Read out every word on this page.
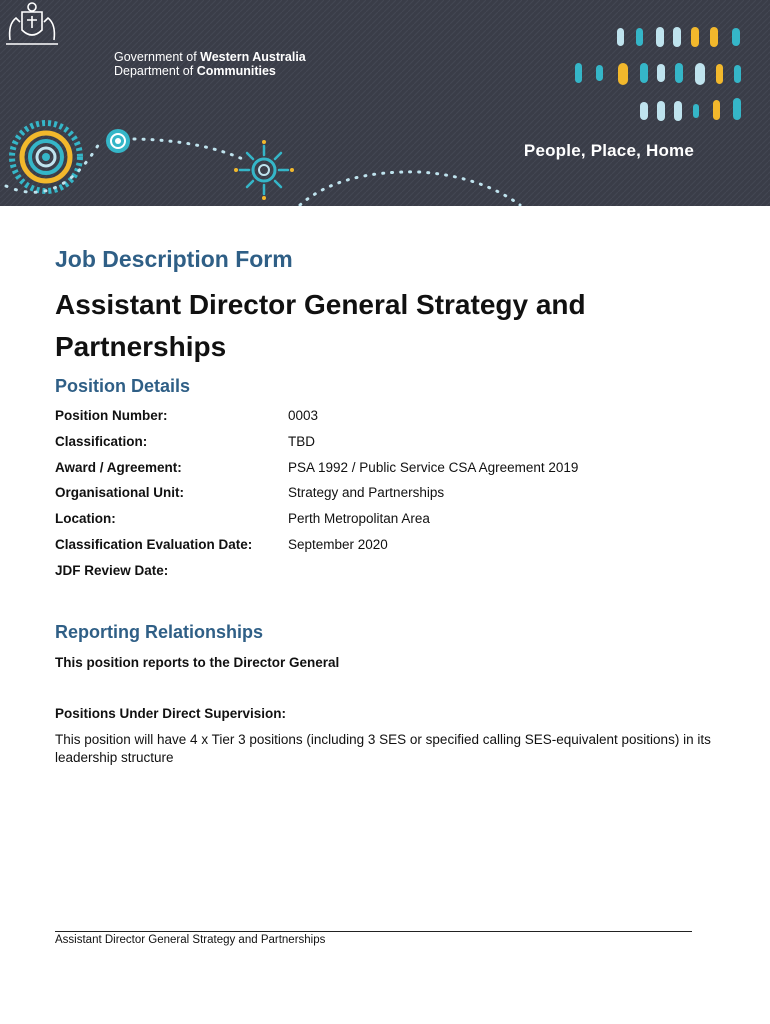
Government of Western Australia
Department of Communities
People, Place, Home
Job Description Form
Assistant Director General Strategy and Partnerships
Position Details
Position Number:	0003
Classification:	TBD
Award / Agreement:	PSA 1992 / Public Service CSA Agreement 2019
Organisational Unit:	Strategy and Partnerships
Location:	Perth Metropolitan Area
Classification Evaluation Date:	September 2020
JDF Review Date:
Reporting Relationships

This position reports to the Director General

Positions Under Direct Supervision:

This position will have 4 x Tier 3 positions (including 3 SES or specified calling SES-equivalent positions) in its leadership structure

Assistant Director General Strategy and Partnerships
